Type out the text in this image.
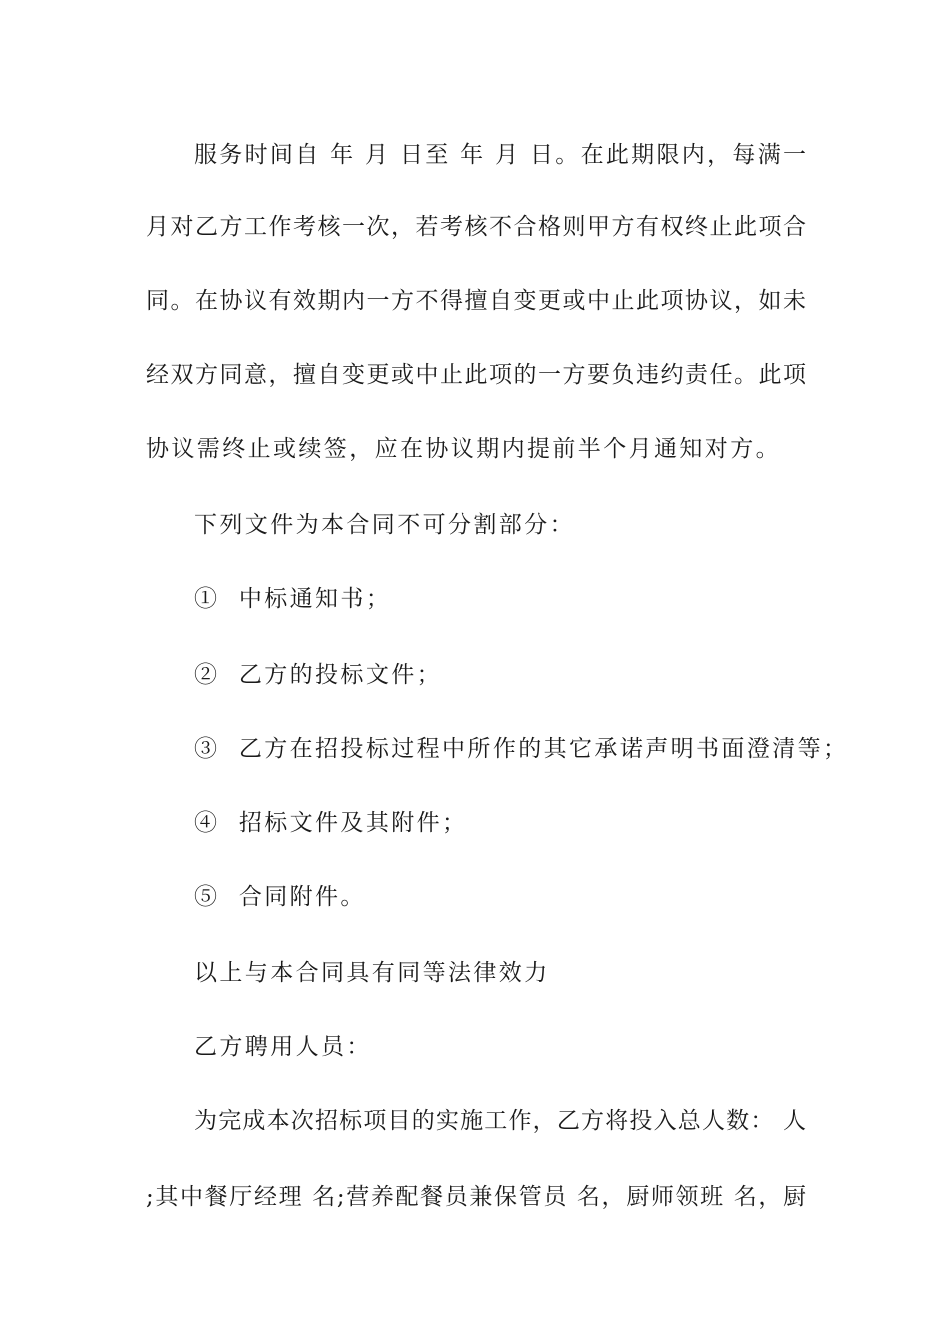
服务时间自 年 月 日至 年 月 日。在此期限内，每满一
月对乙方工作考核一次，若考核不合格则甲方有权终止此项合
同。在协议有效期内一方不得擅自变更或中止此项协议，如未
经双方同意，擅自变更或中止此项的一方要负违约责任。此项
协议需终止或续签，应在协议期内提前半个月通知对方。
下列文件为本合同不可分割部分：
①  中标通知书；
②  乙方的投标文件；
③  乙方在招投标过程中所作的其它承诺声明书面澄清等；
④  招标文件及其附件；
⑤  合同附件。
以上与本合同具有同等法律效力
乙方聘用人员：
为完成本次招标项目的实施工作，乙方将投入总人数： 人
;其中餐厅经理 名;营养配餐员兼保管员 名，厨师领班 名，厨
